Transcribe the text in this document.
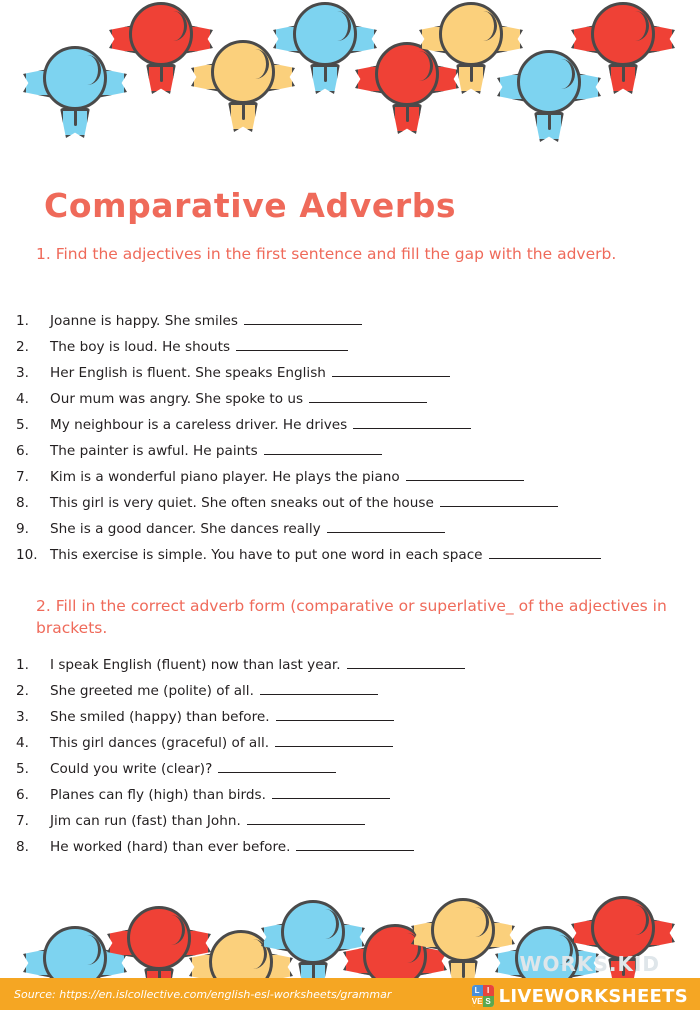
Comparative Adverbs
1. Find the adjectives in the first sentence and fill the gap with the adverb.
1.	Joanne is happy. She smiles
2.	The boy is loud. He shouts
3.	Her English is fluent. She speaks English
4.	Our mum was angry. She spoke to us
5.	My neighbour is a careless driver. He drives
6.	The painter is awful. He paints
7.	Kim is a wonderful piano player. He plays the piano
8.	This girl is very quiet. She often sneaks out of the house
9.	She is a good dancer. She dances really
10. This exercise is simple. You have to put one word in each space
2. Fill in the correct adverb form (comparative or superlative_ of the adjectives in brackets.
1.	I speak English (fluent) now than last year.
2.	She greeted me (polite) of all.
3.	She smiled (happy) than before.
4.	This girl dances (graceful) of all.
5.	Could you write (clear)?
6.	Planes can fly (high) than birds.
7.	Jim can run (fast) than John.
8.	He worked (hard) than ever before.
WORKS.KID
Source: https://en.islcollective.com/english-esl-worksheets/grammar	L I
VE S LIVEWORKSHEETS
